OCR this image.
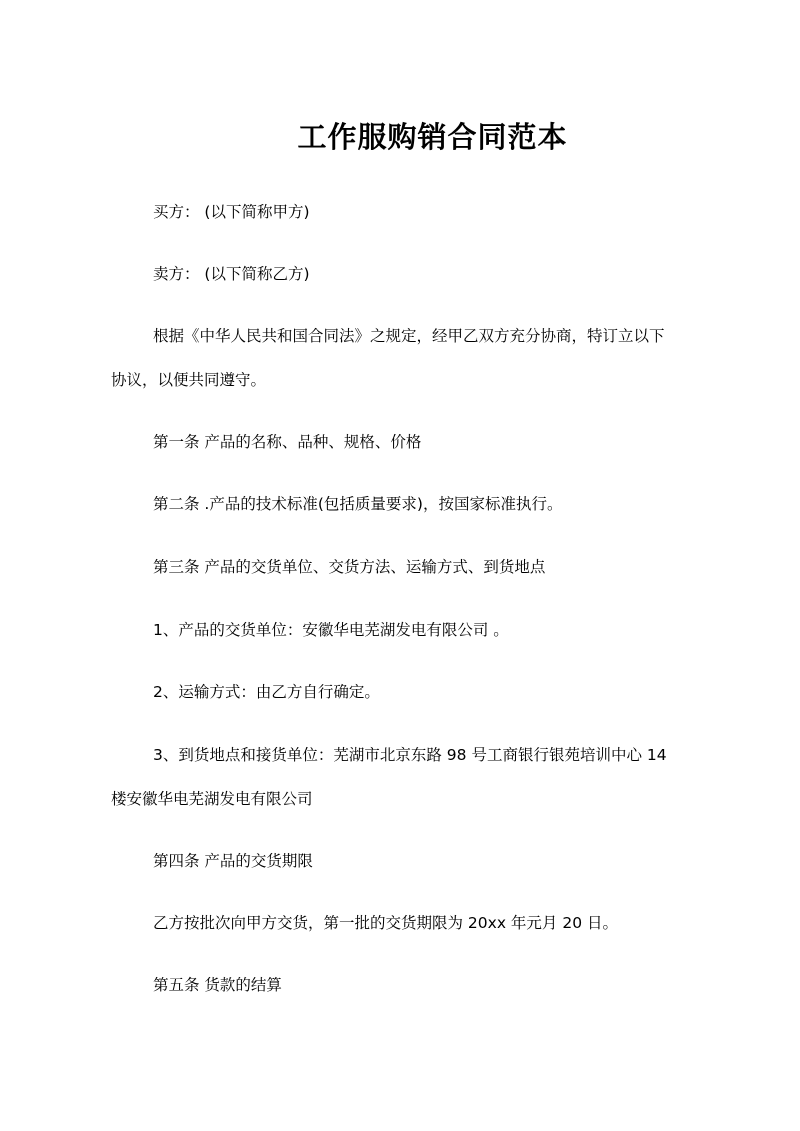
工作服购销合同范本
买方： (以下简称甲方)
卖方： (以下简称乙方)
根据《中华人民共和国合同法》之规定，经甲乙双方充分协商，特订立以下
协议，以便共同遵守。
第一条 产品的名称、品种、规格、价格
第二条 .产品的技术标准(包括质量要求)，按国家标准执行。
第三条 产品的交货单位、交货方法、运输方式、到货地点
1、产品的交货单位：安徽华电芜湖发电有限公司 。
2、运输方式：由乙方自行确定。
3、到货地点和接货单位：芜湖市北京东路 98 号工商银行银苑培训中心 14
楼安徽华电芜湖发电有限公司
第四条 产品的交货期限
乙方按批次向甲方交货，第一批的交货期限为 20xx 年元月 20 日。
第五条 货款的结算
